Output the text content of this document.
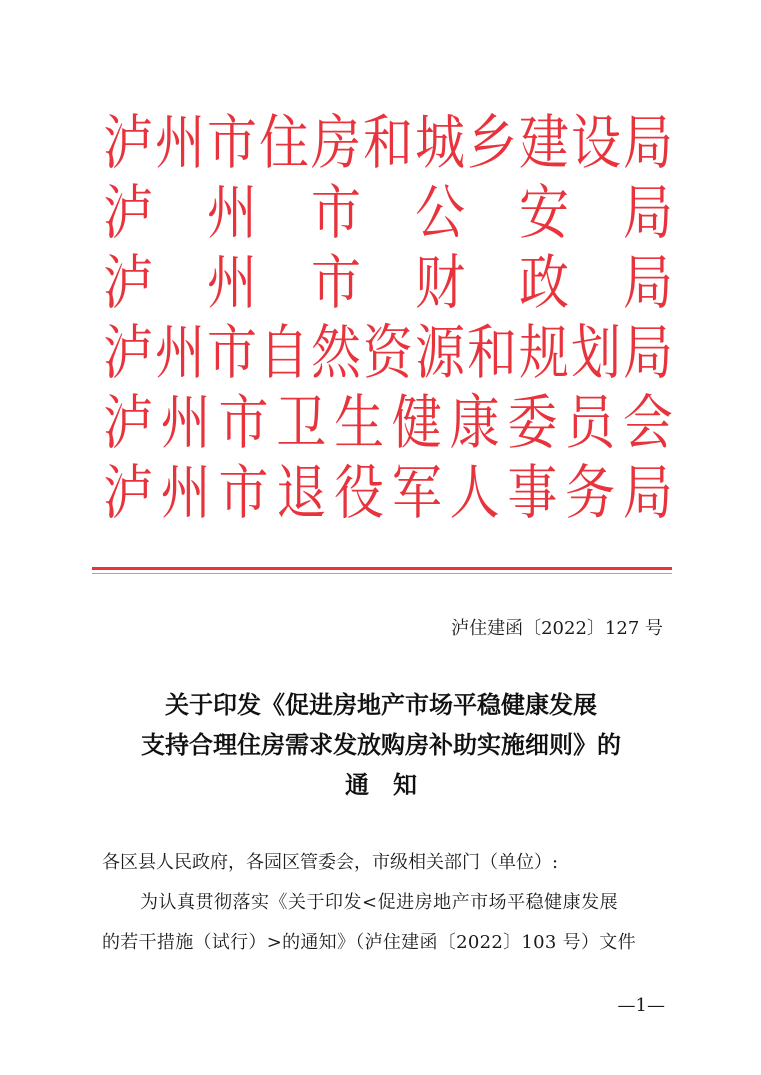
泸 州 市 住 房 和 城 乡 建 设 局
泸 州 市 公 安 局
泸 州 市 财 政 局
泸 州 市 自 然 资 源 和 规 划 局
泸 州 市 卫 生 健 康 委 员 会
泸 州 市 退 役 军 人 事 务 局
泸住建函〔2022〕127 号
关于印发《促进房地产市场平稳健康发展
支持合理住房需求发放购房补助实施细则》的
通　知
各区县人民政府，各园区管委会，市级相关部门（单位）:
为认真贯彻落实《关于印发<促进房地产市场平稳健康发展
的若干措施（试行）>的通知》（泸住建函〔2022〕103 号）文件
—1—
